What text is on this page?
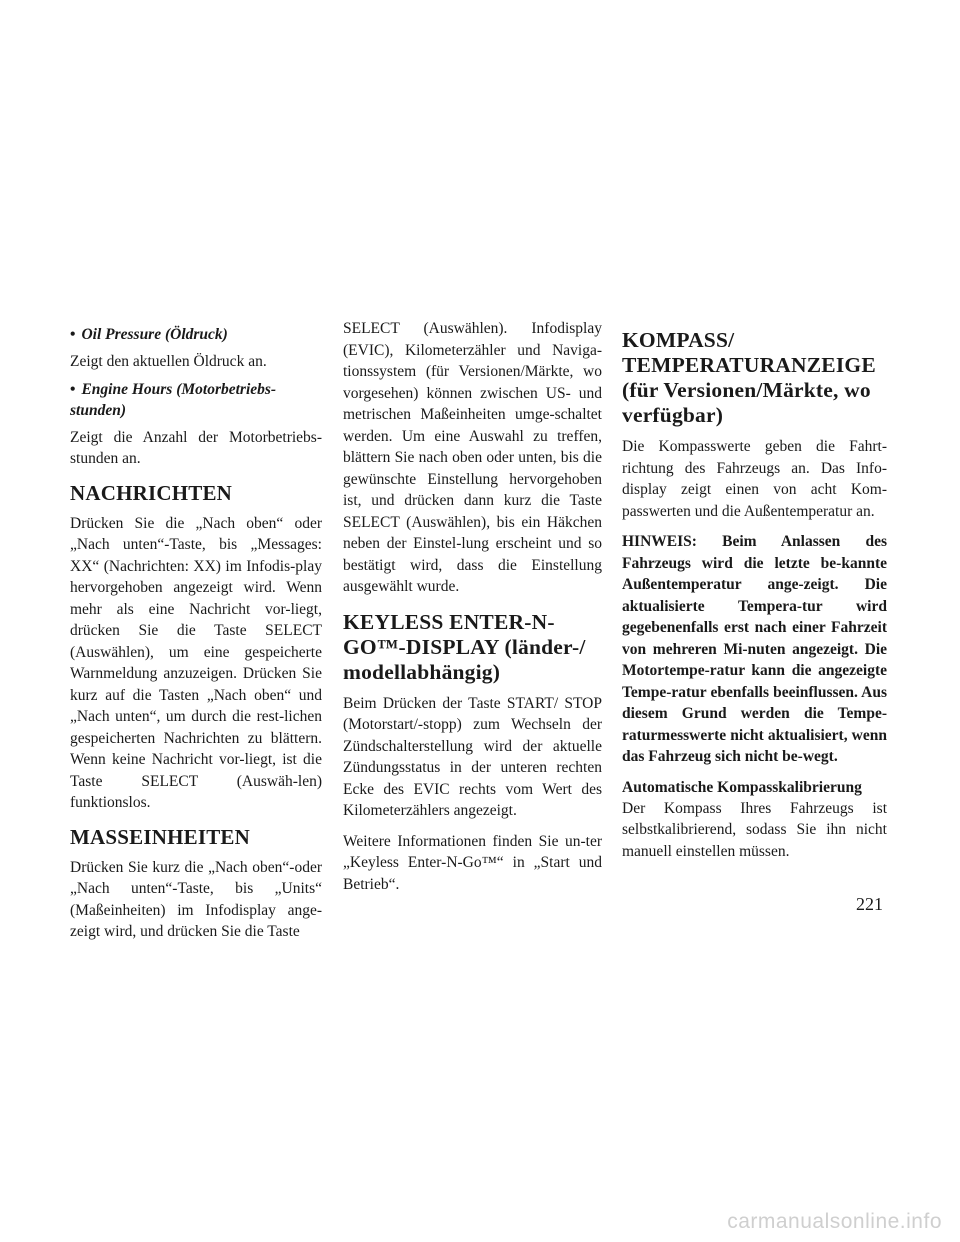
• Oil Pressure (Öldruck)

Zeigt den aktuellen Öldruck an.

• Engine Hours (Motorbetriebs-stunden)

Zeigt die Anzahl der Motorbetriebs-stunden an.

NACHRICHTEN

Drücken Sie die „Nach oben“ oder „Nach unten“-Taste, bis „Messages: XX“ (Nachrichten: XX) im Infodis-play hervorgehoben angezeigt wird. Wenn mehr als eine Nachricht vor-liegt, drücken Sie die Taste SELECT (Auswählen), um eine gespeicherte Warnmeldung anzuzeigen. Drücken Sie kurz auf die Tasten „Nach oben“ und „Nach unten“, um durch die rest-lichen gespeicherten Nachrichten zu blättern. Wenn keine Nachricht vor-liegt, ist die Taste SELECT (Auswäh-len) funktionslos.

MASSEINHEITEN

Drücken Sie kurz die „Nach oben“-oder „Nach unten“-Taste, bis „Units“ (Maßeinheiten) im Infodisplay ange-zeigt wird, und drücken Sie die Taste

SELECT (Auswählen). Infodisplay (EVIC), Kilometerzähler und Naviga-tionssystem (für Versionen/Märkte, wo vorgesehen) können zwischen US- und metrischen Maßeinheiten umge-schaltet werden. Um eine Auswahl zu treffen, blättern Sie nach oben oder unten, bis die gewünschte Einstellung hervorgehoben ist, und drücken dann kurz die Taste SELECT (Auswählen), bis ein Häkchen neben der Einstel-lung erscheint und so bestätigt wird, dass die Einstellung ausgewählt wurde.

KEYLESS ENTER-N-GO™-DISPLAY (länder-/ modellabhängig)

Beim Drücken der Taste START/ STOP (Motorstart/-stopp) zum Wechseln der Zündschalterstellung wird der aktuelle Zündungsstatus in der unteren rechten Ecke des EVIC rechts vom Wert des Kilometerzählers angezeigt.

Weitere Informationen finden Sie un-ter „Keyless Enter-N-Go™“ in „Start und Betrieb“.

KOMPASS/ TEMPERATURANZEIGE (für Versionen/Märkte, wo verfügbar)

Die Kompasswerte geben die Fahrt-richtung des Fahrzeugs an. Das Info-display zeigt einen von acht Kom-passwerten und die Außentemperatur an.

HINWEIS: Beim Anlassen des Fahrzeugs wird die letzte be-kannte Außentemperatur ange-zeigt. Die aktualisierte Tempera-tur wird gegebenenfalls erst nach einer Fahrzeit von mehreren Mi-nuten angezeigt. Die Motortempe-ratur kann die angezeigte Tempe-ratur ebenfalls beeinflussen. Aus diesem Grund werden die Tempe-raturmesswerte nicht aktualisiert, wenn das Fahrzeug sich nicht be-wegt.

Automatische Kompasskalibrierung

Der Kompass Ihres Fahrzeugs ist selbstkalibrierend, sodass Sie ihn nicht manuell einstellen müssen.

221
carmanualsonline.info
